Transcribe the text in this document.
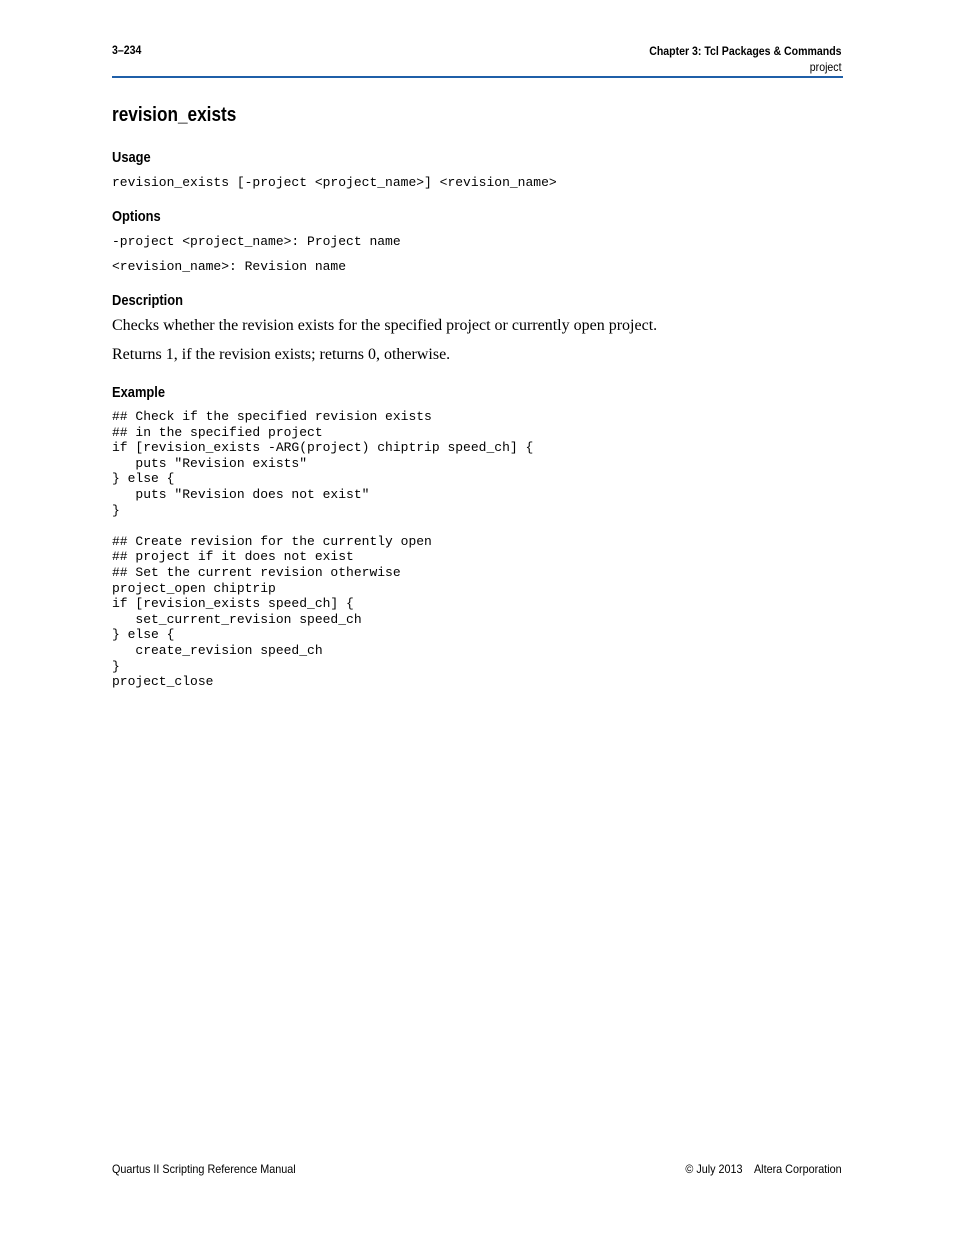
3–234	Chapter 3: Tcl Packages & Commands
project
revision_exists
Usage
revision_exists [-project <project_name>] <revision_name>
Options
-project <project_name>: Project name
<revision_name>: Revision name
Description

Checks whether the revision exists for the specified project or currently open project.

Returns 1, if the revision exists; returns 0, otherwise.

Example
## Check if the specified revision exists
## in the specified project
if [revision_exists -ARG(project) chiptrip speed_ch] {
puts "Revision exists"
} else {
puts "Revision does not exist"
}

## Create revision for the currently open
## project if it does not exist
## Set the current revision otherwise
project_open chiptrip
if [revision_exists speed_ch] {
set_current_revision speed_ch
} else {
create_revision speed_ch
}
project_close
Quartus II Scripting Reference Manual	© July 2013 Altera Corporation
